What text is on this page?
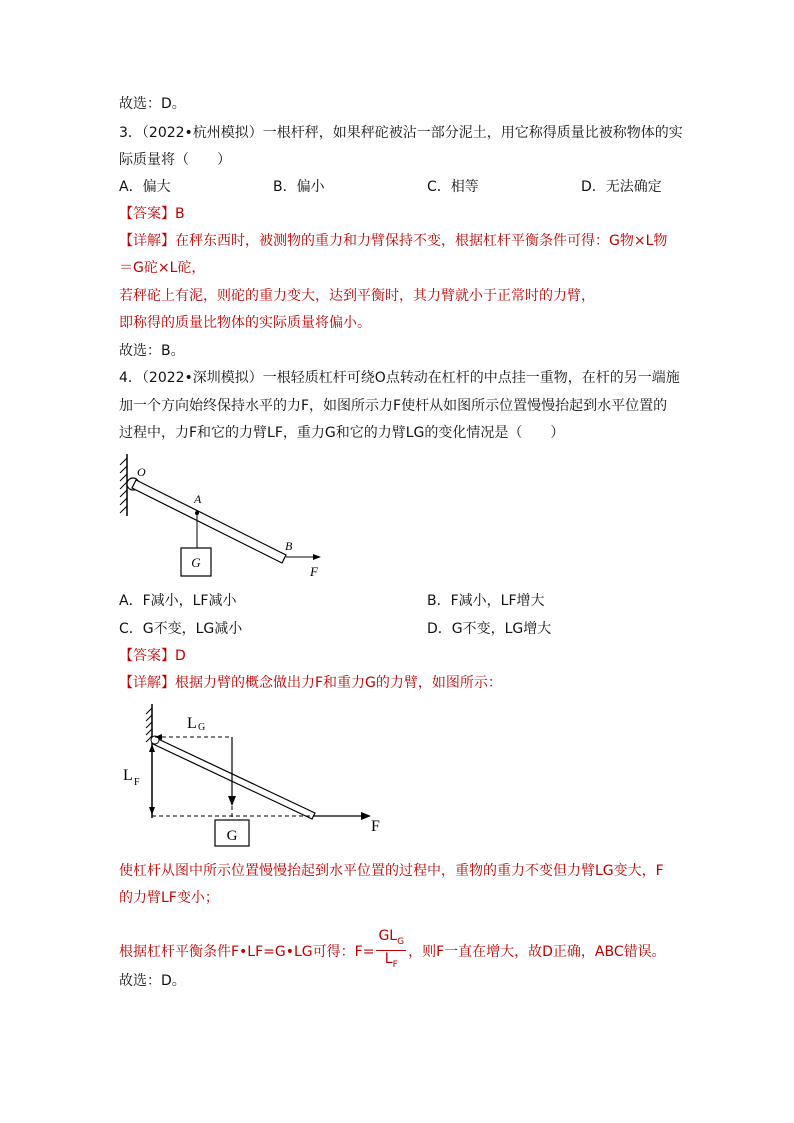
故选：D。
3．（2022•杭州模拟）一根杆秤，如果秤砣被沾一部分泥土，用它称得质量比被称物体的实
际质量将（　　）
A．偏大	B．偏小	C．相等	D．无法确定
【答案】B
【详解】在秤东西时，被测物的重力和力臂保持不变，根据杠杆平衡条件可得：G物×L物
＝G砣×L砣，
若秤砣上有泥，则砣的重力变大，达到平衡时，其力臂就小于正常时的力臂，
即称得的质量比物体的实际质量将偏小。
故选：B。
4．（2022•深圳模拟）一根轻质杠杆可绕O点转动在杠杆的中点挂一重物，在杆的另一端施
加一个方向始终保持水平的力F，如图所示力F使杆从如图所示位置慢慢抬起到水平位置的
过程中，力F和它的力臂LF，重力G和它的力臂LG的变化情况是（　　）
G
O
A
B
F
A．F减小，LF减小	B．F减小，LF增大
C．G不变，LG减小	D．G不变，LG增大
【答案】D
【详解】根据力臂的概念做出力F和重力G的力臂，如图所示：
G
L G
L F
F
使杠杆从图中所示位置慢慢抬起到水平位置的过程中，重物的重力不变但力臂LG变大，F
的力臂LF变小；
根据杠杆平衡条件F•LF=G•LG可得：F=
$GL_G$
$L_F$
，则F一直在增大，故D正确，ABC错误。
故选：D。
